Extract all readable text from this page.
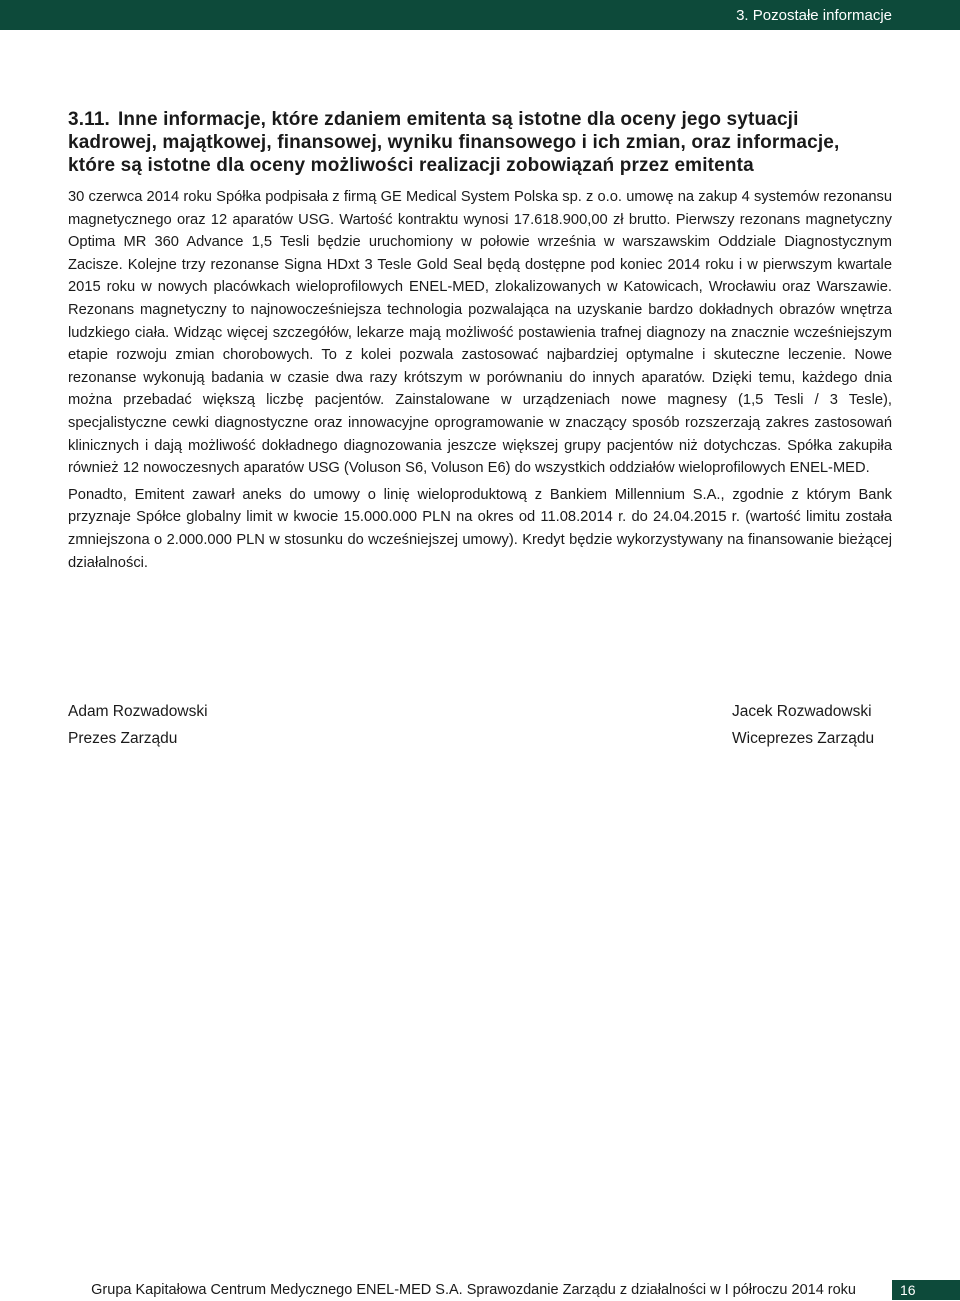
3. Pozostałe informacje
3.11. Inne informacje, które zdaniem emitenta są istotne dla oceny jego sytuacji kadrowej, majątkowej, finansowej, wyniku finansowego i ich zmian, oraz informacje, które są istotne dla oceny możliwości realizacji zobowiązań przez emitenta

30 czerwca 2014 roku Spółka podpisała z firmą GE Medical System Polska sp. z o.o. umowę na zakup 4 systemów rezonansu magnetycznego oraz 12 aparatów USG. Wartość kontraktu wynosi 17.618.900,00 zł brutto. Pierwszy rezonans magnetyczny Optima MR 360 Advance 1,5 Tesli będzie uruchomiony w połowie września w warszawskim Oddziale Diagnostycznym Zacisze. Kolejne trzy rezonanse Signa HDxt 3 Tesle Gold Seal będą dostępne pod koniec 2014 roku i w pierwszym kwartale 2015 roku w nowych placówkach wieloprofilowych ENEL-MED, zlokalizowanych w Katowicach, Wrocławiu oraz Warszawie. Rezonans magnetyczny to najnowocześniejsza technologia pozwalająca na uzyskanie bardzo dokładnych obrazów wnętrza ludzkiego ciała. Widząc więcej szczegółów, lekarze mają możliwość postawienia trafnej diagnozy na znacznie wcześniejszym etapie rozwoju zmian chorobowych. To z kolei pozwala zastosować najbardziej optymalne i skuteczne leczenie. Nowe rezonanse wykonują badania w czasie dwa razy krótszym w porównaniu do innych aparatów. Dzięki temu, każdego dnia można przebadać większą liczbę pacjentów. Zainstalowane w urządzeniach nowe magnesy (1,5 Tesli / 3 Tesle), specjalistyczne cewki diagnostyczne oraz innowacyjne oprogramowanie w znaczący sposób rozszerzają zakres zastosowań klinicznych i dają możliwość dokładnego diagnozowania jeszcze większej grupy pacjentów niż dotychczas. Spółka zakupiła również 12 nowoczesnych aparatów USG (Voluson S6, Voluson E6) do wszystkich oddziałów wieloprofilowych ENEL-MED.

Ponadto, Emitent zawarł aneks do umowy o linię wieloproduktową z Bankiem Millennium S.A., zgodnie z którym Bank przyznaje Spółce globalny limit w kwocie 15.000.000 PLN na okres od 11.08.2014 r. do 24.04.2015 r. (wartość limitu została zmniejszona o 2.000.000 PLN w stosunku do wcześniejszej umowy). Kredyt będzie wykorzystywany na finansowanie bieżącej działalności.

Adam Rozwadowski
Prezes Zarządu
Jacek Rozwadowski
Wiceprezes Zarządu
Grupa Kapitałowa Centrum Medycznego ENEL-MED S.A. Sprawozdanie Zarządu z działalności w I półroczu 2014 roku	16
